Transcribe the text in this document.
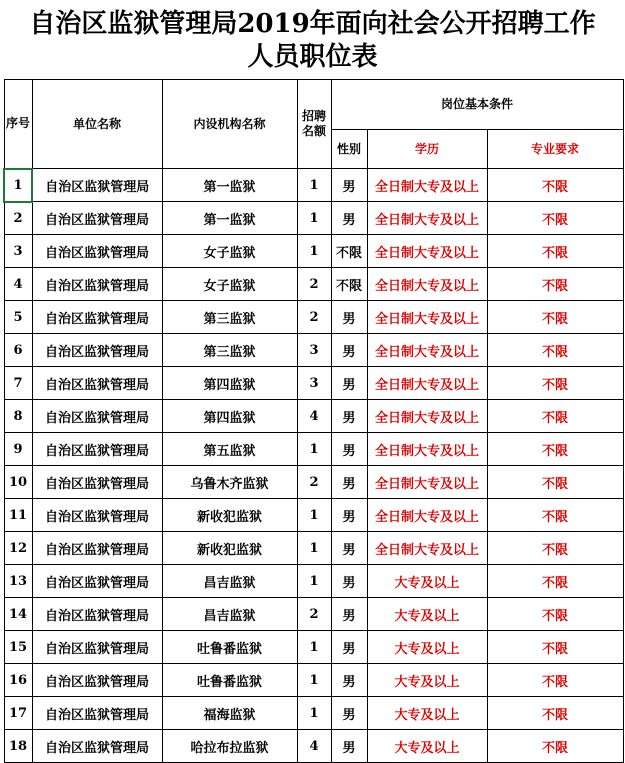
自治区监狱管理局2019年面向社会公开招聘工作
人员职位表
序号	单位名称	内设机构名称	招聘名额	岗位基本条件		
				性别	学历	专业要求
1	自治区监狱管理局	第一监狱	1	男	全日制大专及以上	不限
2	自治区监狱管理局	第一监狱	1	男	全日制大专及以上	不限
3	自治区监狱管理局	女子监狱	1	不限	全日制大专及以上	不限
4	自治区监狱管理局	女子监狱	2	不限	全日制大专及以上	不限
5	自治区监狱管理局	第三监狱	2	男	全日制大专及以上	不限
6	自治区监狱管理局	第三监狱	3	男	全日制大专及以上	不限
7	自治区监狱管理局	第四监狱	3	男	全日制大专及以上	不限
8	自治区监狱管理局	第四监狱	4	男	全日制大专及以上	不限
9	自治区监狱管理局	第五监狱	1	男	全日制大专及以上	不限
10	自治区监狱管理局	乌鲁木齐监狱	2	男	全日制大专及以上	不限
11	自治区监狱管理局	新收犯监狱	1	男	全日制大专及以上	不限
12	自治区监狱管理局	新收犯监狱	1	男	全日制大专及以上	不限
13	自治区监狱管理局	昌吉监狱	1	男	大专及以上	不限
14	自治区监狱管理局	昌吉监狱	2	男	大专及以上	不限
15	自治区监狱管理局	吐鲁番监狱	1	男	大专及以上	不限
16	自治区监狱管理局	吐鲁番监狱	1	男	大专及以上	不限
17	自治区监狱管理局	福海监狱	1	男	大专及以上	不限
18	自治区监狱管理局	哈拉布拉监狱	4	男	大专及以上	不限
